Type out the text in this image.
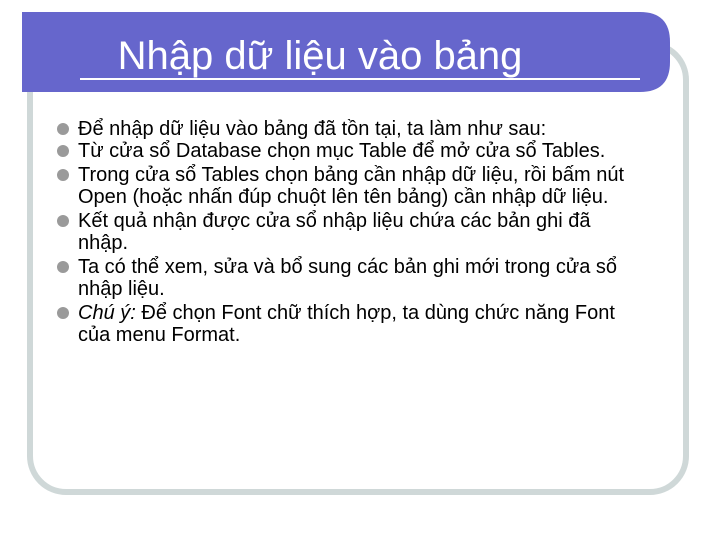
Nhập dữ liệu vào bảng
Để nhập dữ liệu vào bảng đã tồn tại, ta làm như sau:
Từ cửa sổ Database chọn mục Table để mở cửa sổ Tables.
Trong cửa sổ Tables chọn bảng cần nhập dữ liệu, rồi bấm nút Open (hoặc nhấn đúp chuột lên tên bảng) cần nhập dữ liệu.
Kết quả nhận được cửa sổ nhập liệu chứa các bản ghi đã nhập.
Ta có thể xem, sửa và bổ sung các bản ghi mới trong cửa sổ nhập liệu.
Chú ý: Để chọn Font chữ thích hợp, ta dùng chức năng Font của menu Format.
